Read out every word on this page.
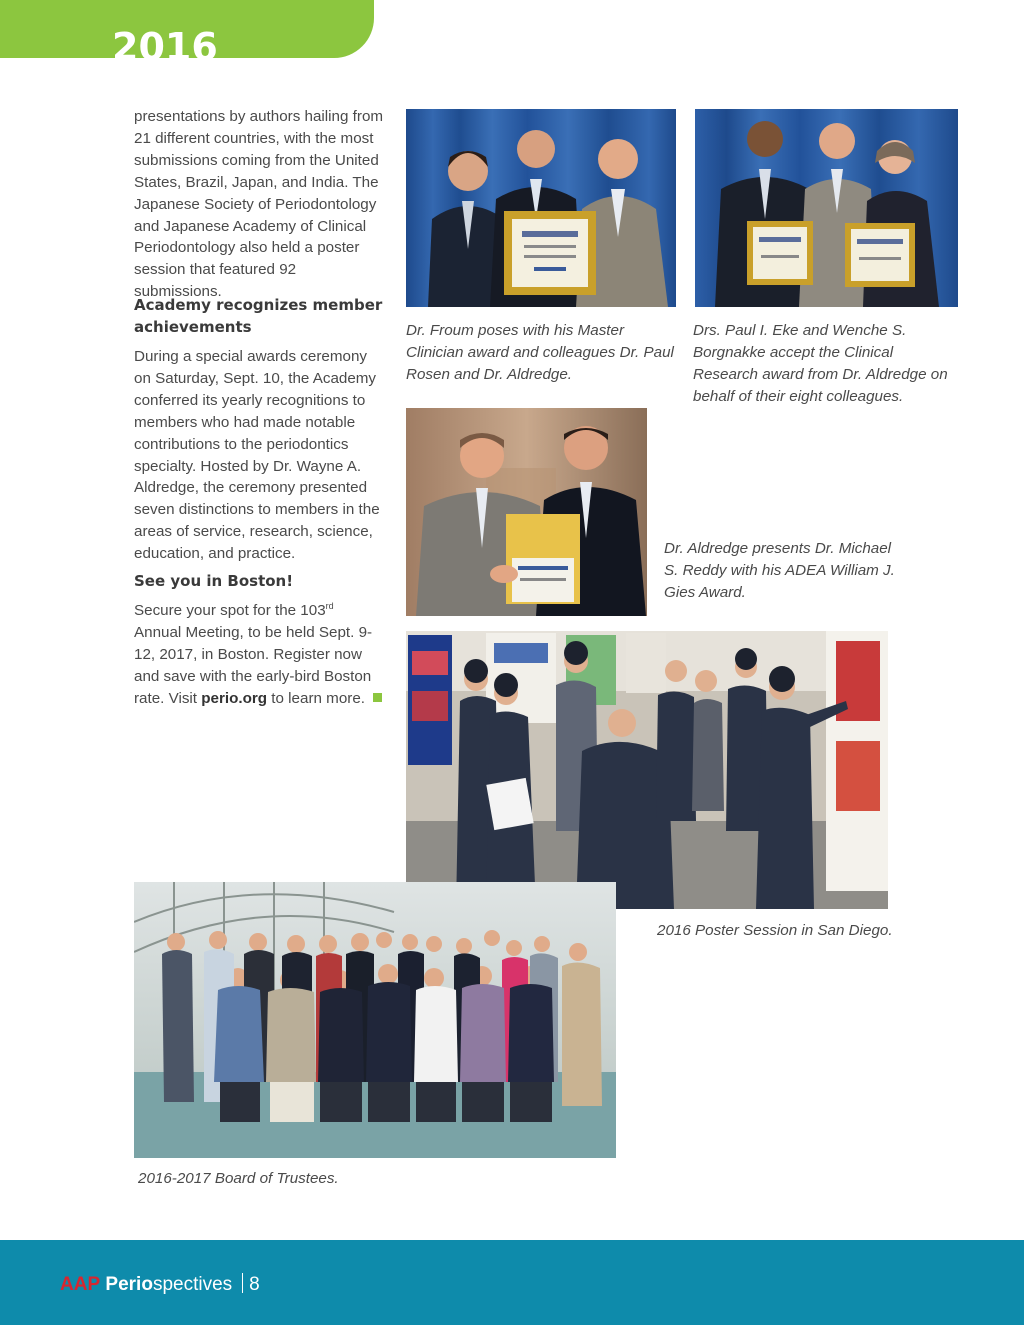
2016

presentations by authors hailing from 21 different countries, with the most submissions coming from the United States, Brazil, Japan, and India. The Japanese Society of Periodontology and Japanese Academy of Clinical Periodontology also held a poster session that featured 92 submissions.

Academy recognizes member achievements

During a special awards ceremony on Saturday, Sept. 10, the Academy conferred its yearly recognitions to members who had made notable contributions to the periodontics specialty. Hosted by Dr. Wayne A. Aldredge, the ceremony presented seven distinctions to members in the areas of service, research, science, education, and practice.

See you in Boston!

Secure your spot for the 103rd Annual Meeting, to be held Sept. 9-12, 2017, in Boston. Register now and save with the early-bird Boston rate. Visit perio.org to learn more.

Dr. Froum poses with his Master Clinician award and colleagues Dr. Paul Rosen and Dr. Aldredge.
Drs. Paul I. Eke and Wenche S. Borgnakke accept the Clinical Research award from Dr. Aldredge on behalf of their eight colleagues.
Dr. Aldredge presents Dr. Michael S. Reddy with his ADEA William J. Gies Award.
2016 Poster Session in San Diego.
2016-2017 Board of Trustees.
AAP Periospectives 8
